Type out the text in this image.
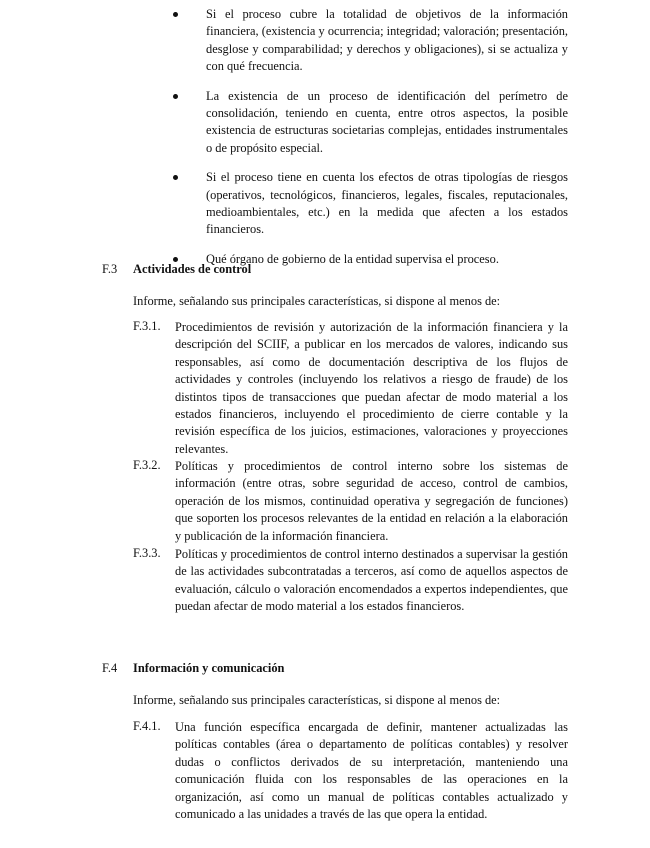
Si el proceso cubre la totalidad de objetivos de la información financiera, (existencia y ocurrencia; integridad; valoración; presentación, desglose y comparabilidad; y derechos y obligaciones), si se actualiza y con qué frecuencia.
La existencia de un proceso de identificación del perímetro de consolidación, teniendo en cuenta, entre otros aspectos, la posible existencia de estructuras societarias complejas, entidades instrumentales o de propósito especial.
Si el proceso tiene en cuenta los efectos de otras tipologías de riesgos (operativos, tecnológicos, financieros, legales, fiscales, reputacionales, medioambientales, etc.) en la medida que afecten a los estados financieros.
Qué órgano de gobierno de la entidad supervisa el proceso.
F.3 Actividades de control
Informe, señalando sus principales características, si dispone al menos de:
F.3.1. Procedimientos de revisión y autorización de la información financiera y la descripción del SCIIF, a publicar en los mercados de valores, indicando sus responsables, así como de documentación descriptiva de los flujos de actividades y controles (incluyendo los relativos a riesgo de fraude) de los distintos tipos de transacciones que puedan afectar de modo material a los estados financieros, incluyendo el procedimiento de cierre contable y la revisión específica de los juicios, estimaciones, valoraciones y proyecciones relevantes.
F.3.2. Políticas y procedimientos de control interno sobre los sistemas de información (entre otras, sobre seguridad de acceso, control de cambios, operación de los mismos, continuidad operativa y segregación de funciones) que soporten los procesos relevantes de la entidad en relación a la elaboración y publicación de la información financiera.
F.3.3. Políticas y procedimientos de control interno destinados a supervisar la gestión de las actividades subcontratadas a terceros, así como de aquellos aspectos de evaluación, cálculo o valoración encomendados a expertos independientes, que puedan afectar de modo material a los estados financieros.
F.4 Información y comunicación
Informe, señalando sus principales características, si dispone al menos de:
F.4.1. Una función específica encargada de definir, mantener actualizadas las políticas contables (área o departamento de políticas contables) y resolver dudas o conflictos derivados de su interpretación, manteniendo una comunicación fluida con los responsables de las operaciones en la organización, así como un manual de políticas contables actualizado y comunicado a las unidades a través de las que opera la entidad.
